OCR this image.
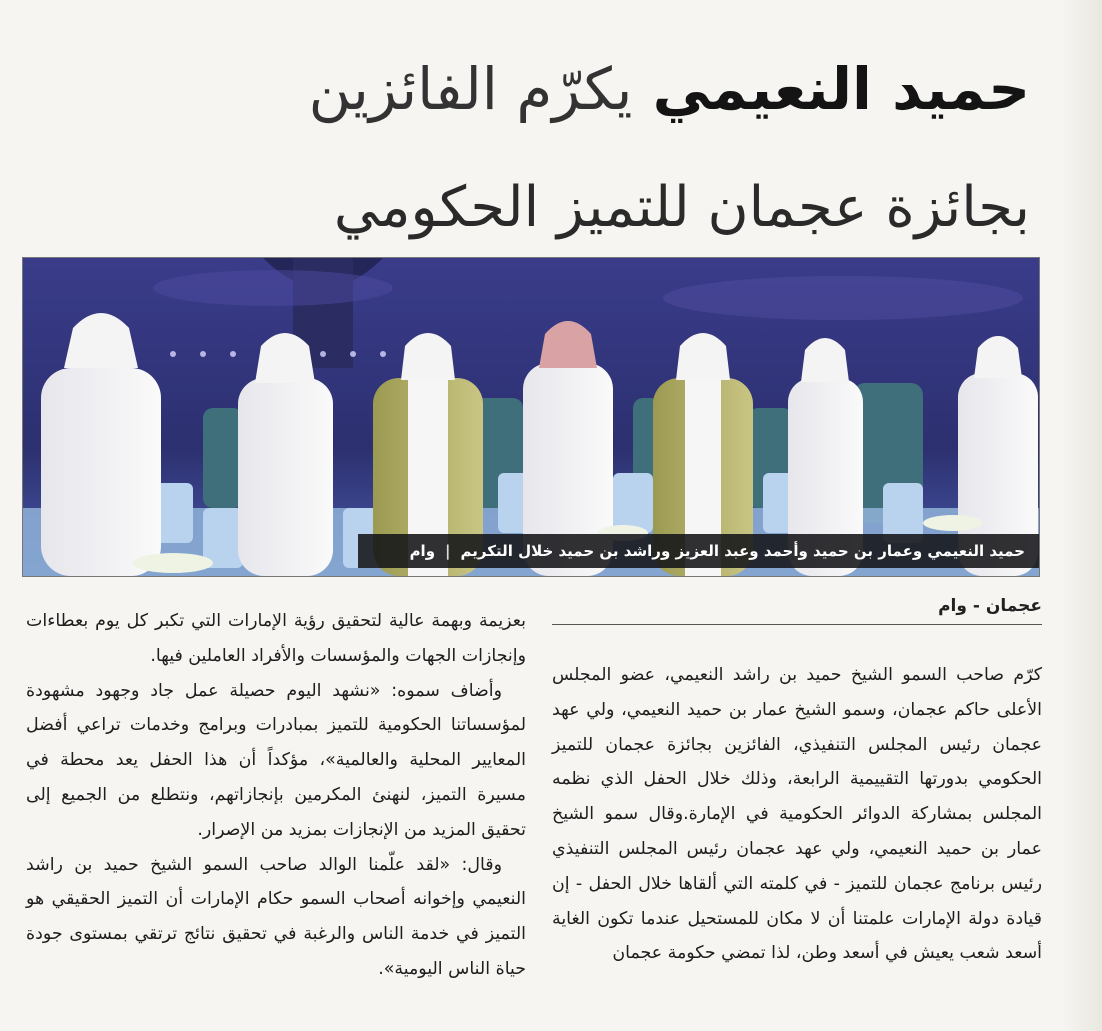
حميد النعيمي يكرّم الفائزين
بجائزة عجمان للتميز الحكومي
حميد النعيمي وعمار بن حميد وأحمد وعبد العزيز وراشد بن حميد خلال التكريم
|
وام
عجمان - وام

كرّم صاحب السمو الشيخ حميد بن راشد النعيمي، عضو المجلس الأعلى حاكم عجمان، وسمو الشيخ عمار بن حميد النعيمي، ولي عهد عجمان رئيس المجلس التنفيذي، الفائزين بجائزة عجمان للتميز الحكومي بدورتها التقييمية الرابعة، وذلك خلال الحفل الذي نظمه المجلس بمشاركة الدوائر الحكومية في الإمارة.وقال سمو الشيخ عمار بن حميد النعيمي، ولي عهد عجمان رئيس المجلس التنفيذي رئيس برنامج عجمان للتميز - في كلمته التي ألقاها خلال الحفل - إن قيادة دولة الإمارات علمتنا أن لا مكان للمستحيل عندما تكون الغاية أسعد شعب يعيش في أسعد وطن، لذا تمضي حكومة عجمان

بعزيمة وبهمة عالية لتحقيق رؤية الإمارات التي تكبر كل يوم بعطاءات وإنجازات الجهات والمؤسسات والأفراد العاملين فيها.

وأضاف سموه: «نشهد اليوم حصيلة عمل جاد وجهود مشهودة لمؤسساتنا الحكومية للتميز بمبادرات وبرامج وخدمات تراعي أفضل المعايير المحلية والعالمية»، مؤكداً أن هذا الحفل يعد محطة في مسيرة التميز، لنهنئ المكرمين بإنجازاتهم، ونتطلع من الجميع إلى تحقيق المزيد من الإنجازات بمزيد من الإصرار.

وقال: «لقد علّمنا الوالد صاحب السمو الشيخ حميد بن راشد النعيمي وإخوانه أصحاب السمو حكام الإمارات أن التميز الحقيقي هو التميز في خدمة الناس والرغبة في تحقيق نتائج ترتقي بمستوى جودة حياة الناس اليومية».
